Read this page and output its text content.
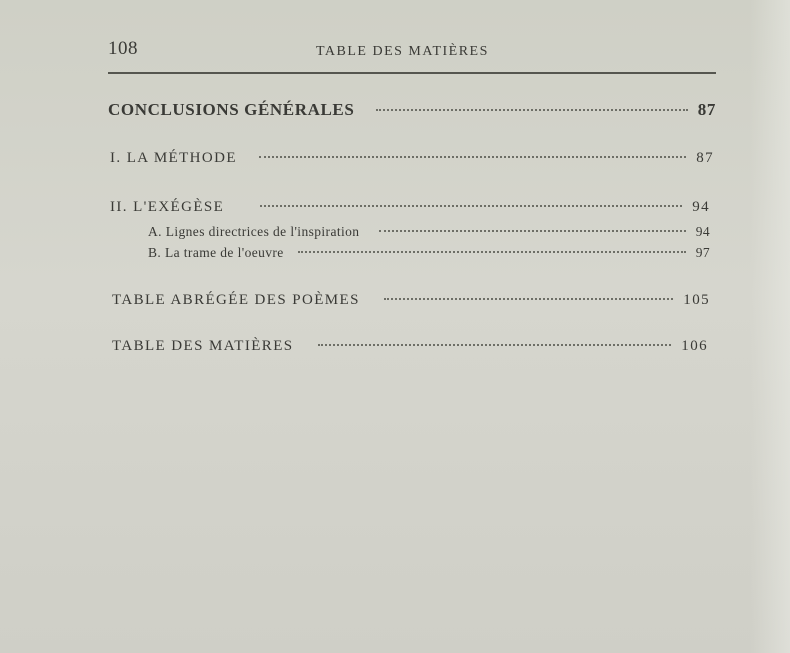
108	TABLE DES MATIÈRES
CONCLUSIONS GÉNÉRALES	87
I. LA MÉTHODE	87
II. L'EXÉGÈSE	94
A. Lignes directrices de l'inspiration	94
B. La trame de l'oeuvre	97
TABLE ABRÉGÉE DES POÈMES	105
TABLE DES MATIÈRES	106
